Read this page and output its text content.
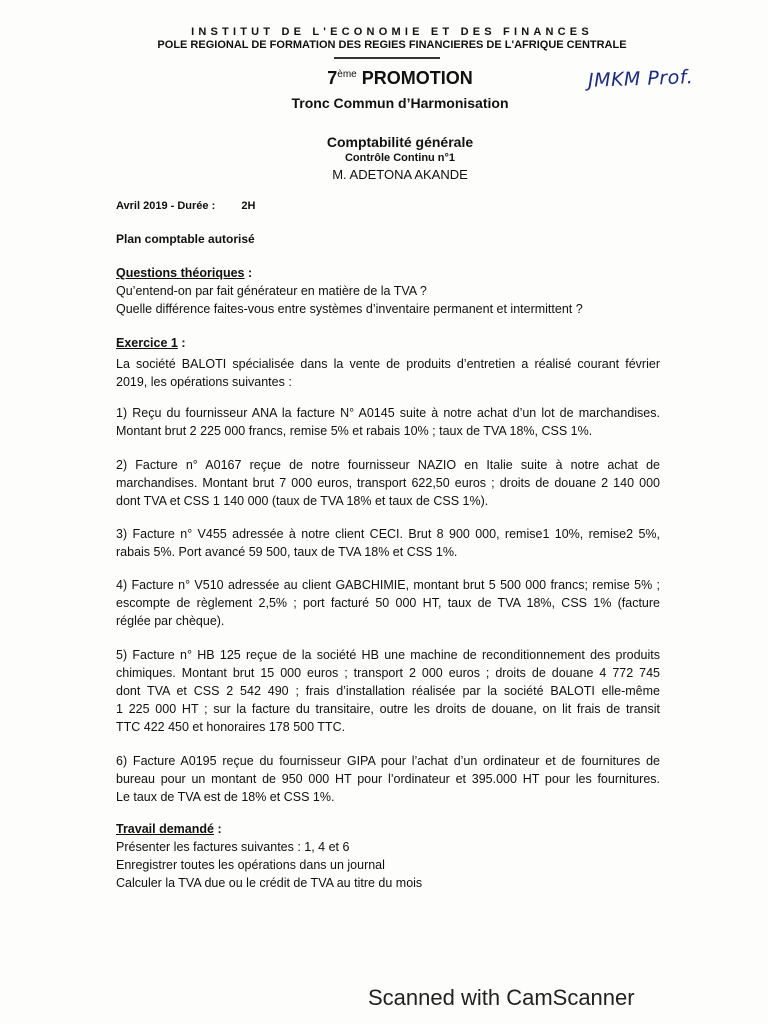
INSTITUT DE L'ECONOMIE ET DES FINANCES
POLE REGIONAL DE FORMATION DES REGIES FINANCIERES DE L'AFRIQUE CENTRALE
7ème PROMOTION
Tronc Commun d’Harmonisation
JMKM Prof.
Comptabilité générale
Contrôle Continu n°1
M. ADETONA AKANDE
Avril 2019 - Durée : 2H
Plan comptable autorisé
Questions théoriques :
Qu’entend-on par fait générateur en matière de la TVA ?
Quelle différence faites-vous entre systèmes d’inventaire permanent et intermittent ?
Exercice 1 :
La société BALOTI spécialisée dans la vente de produits d’entretien a réalisé courant février
2019, les opérations suivantes :
1) Reçu du fournisseur ANA la facture N° A0145 suite à notre achat d’un lot de marchandises.
Montant brut 2 225 000 francs, remise 5% et rabais 10% ; taux de TVA 18%, CSS 1%.
2) Facture n° A0167 reçue de notre fournisseur NAZIO en Italie suite à notre achat de
marchandises. Montant brut 7 000 euros, transport 622,50 euros ; droits de douane 2 140 000
dont TVA et CSS 1 140 000 (taux de TVA 18% et taux de CSS 1%).
3) Facture n° V455 adressée à notre client CECI. Brut 8 900 000, remise1 10%, remise2 5%,
rabais 5%. Port avancé 59 500, taux de TVA 18% et CSS 1%.
4) Facture n° V510 adressée au client GABCHIMIE, montant brut 5 500 000 francs; remise 5% ;
escompte de règlement 2,5% ; port facturé 50 000 HT, taux de TVA 18%, CSS 1% (facture
réglée par chèque).
5) Facture n° HB 125 reçue de la société HB une machine de reconditionnement des produits
chimiques. Montant brut 15 000 euros ; transport 2 000 euros ; droits de douane 4 772 745
dont TVA et CSS 2 542 490 ; frais d’installation réalisée par la société BALOTI elle-même
1 225 000 HT ; sur la facture du transitaire, outre les droits de douane, on lit frais de transit
TTC 422 450 et honoraires 178 500 TTC.
6) Facture A0195 reçue du fournisseur GIPA pour l’achat d’un ordinateur et de fournitures de
bureau pour un montant de 950 000 HT pour l’ordinateur et 395.000 HT pour les fournitures.
Le taux de TVA est de 18% et CSS 1%.
Travail demandé :
Présenter les factures suivantes : 1, 4 et 6
Enregistrer toutes les opérations dans un journal
Calculer la TVA due ou le crédit de TVA au titre du mois
Scanned with CamScanner
